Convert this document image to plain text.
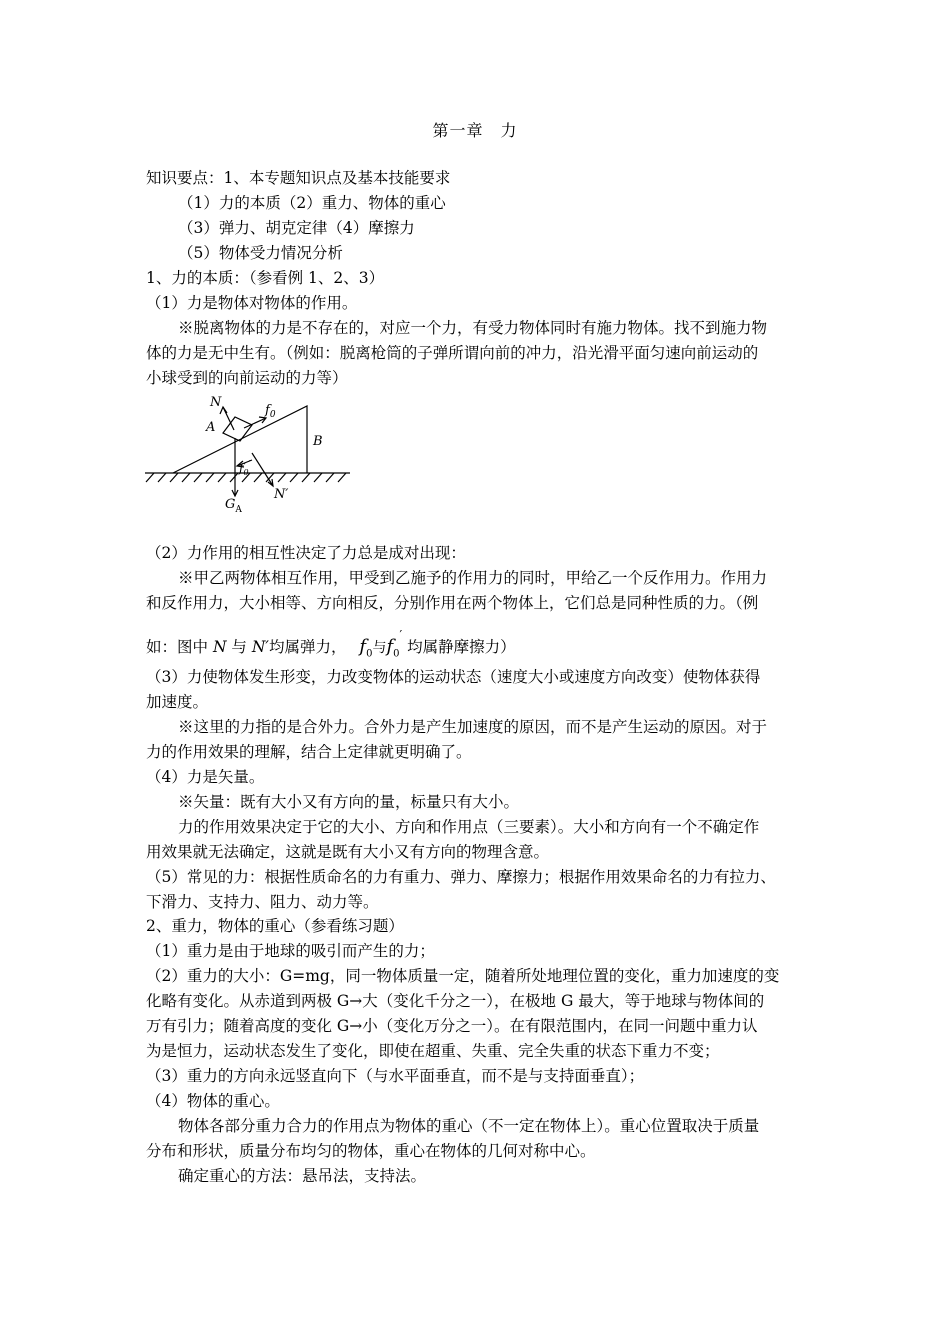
第一章　力
知识要点：1、本专题知识点及基本技能要求
（1）力的本质（2）重力、物体的重心
（3）弹力、胡克定律（4）摩擦力
（5）物体受力情况分析
1、力的本质：（参看例 1、2、3）
（1）力是物体对物体的作用。
※脱离物体的力是不存在的，对应一个力，有受力物体同时有施力物体。找不到施力物
体的力是无中生有。（例如：脱离枪筒的子弹所谓向前的冲力，沿光滑平面匀速向前运动的
小球受到的向前运动的力等）
N
A
$f_0$
B
$f_0'$
N′
$G_A$
（2）力作用的相互性决定了力总是成对出现：
※甲乙两物体相互作用，甲受到乙施予的作用力的同时，甲给乙一个反作用力。作用力
和反作用力，大小相等、方向相反，分别作用在两个物体上，它们总是同种性质的力。（例
如：图中 N 与 N′均属弹力， $f_0$与$f_0'$ 均属静摩擦力）
（3）力使物体发生形变，力改变物体的运动状态（速度大小或速度方向改变）使物体获得
加速度。
※这里的力指的是合外力。合外力是产生加速度的原因，而不是产生运动的原因。对于
力的作用效果的理解，结合上定律就更明确了。
（4）力是矢量。
※矢量：既有大小又有方向的量，标量只有大小。
力的作用效果决定于它的大小、方向和作用点（三要素）。大小和方向有一个不确定作
用效果就无法确定，这就是既有大小又有方向的物理含意。
（5）常见的力：根据性质命名的力有重力、弹力、摩擦力；根据作用效果命名的力有拉力、
下滑力、支持力、阻力、动力等。
2、重力，物体的重心（参看练习题）
（1）重力是由于地球的吸引而产生的力；
（2）重力的大小：G=mg，同一物体质量一定，随着所处地理位置的变化，重力加速度的变
化略有变化。从赤道到两极 G→大（变化千分之一），在极地 G 最大，等于地球与物体间的
万有引力；随着高度的变化 G→小（变化万分之一）。在有限范围内，在同一问题中重力认
为是恒力，运动状态发生了变化，即使在超重、失重、完全失重的状态下重力不变；
（3）重力的方向永远竖直向下（与水平面垂直，而不是与支持面垂直）；
（4）物体的重心。
物体各部分重力合力的作用点为物体的重心（不一定在物体上）。重心位置取决于质量
分布和形状，质量分布均匀的物体，重心在物体的几何对称中心。
确定重心的方法：悬吊法，支持法。
